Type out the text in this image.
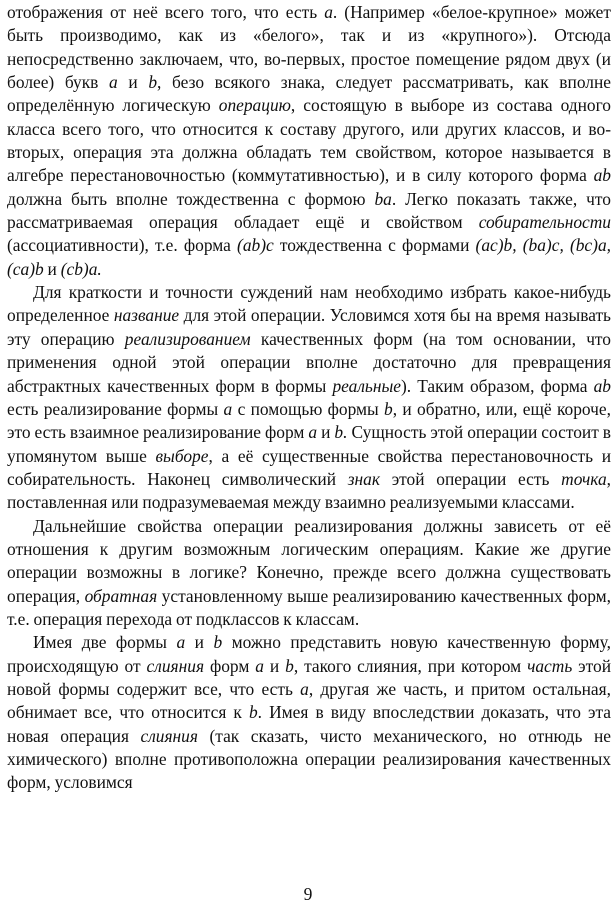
отображения от неё всего того, что есть a. (Например «белое-крупное» может быть производимо, как из «белого», так и из «крупного»). Отсюда непосредственно заключаем, что, во-первых, простое помещение рядом двух (и более) букв a и b, безо всякого знака, следует рассматривать, как вполне определённую логическую операцию, состоящую в выборе из состава одного класса всего того, что относится к составу другого, или других классов, и во-вторых, операция эта должна обладать тем свойством, которое называется в алгебре перестановочностью (коммутативностью), и в силу которого форма ab должна быть вполне тождественна с формою ba. Легко показать также, что рассматриваемая операция обладает ещё и свойством собирательности (ассоциативности), т.е. форма (ab)c тождественна с формами (ac)b, (ba)c, (bc)a, (ca)b и (cb)a.

Для краткости и точности суждений нам необходимо избрать какое-нибудь определенное название для этой операции. Условимся хотя бы на время называть эту операцию реализированием качественных форм (на том основании, что применения одной этой операции вполне достаточно для превращения абстрактных качественных форм в формы реальные). Таким образом, форма ab есть реализирование формы a с помощью формы b, и обратно, или, ещё короче, это есть взаимное реализирование форм a и b. Сущность этой операции состоит в упомянутом выше выборе, а её существенные свойства перестановочность и собирательность. Наконец символический знак этой операции есть точка, поставленная или подразумеваемая между взаимно реализуемыми классами.

Дальнейшие свойства операции реализирования должны зависеть от её отношения к другим возможным логическим операциям. Какие же другие операции возможны в логике? Конечно, прежде всего должна существовать операция, обратная установленному выше реализированию качественных форм, т.е. операция перехода от подклассов к классам.

Имея две формы a и b можно представить новую качественную форму, происходящую от слияния форм a и b, такого слияния, при котором часть этой новой формы содержит все, что есть a, другая же часть, и притом остальная, обнимает все, что относится к b. Имея в виду впоследствии доказать, что эта новая операция слияния (так сказать, чисто механического, но отнюдь не химического) вполне противоположна операции реализирования качественных форм, условимся

9
